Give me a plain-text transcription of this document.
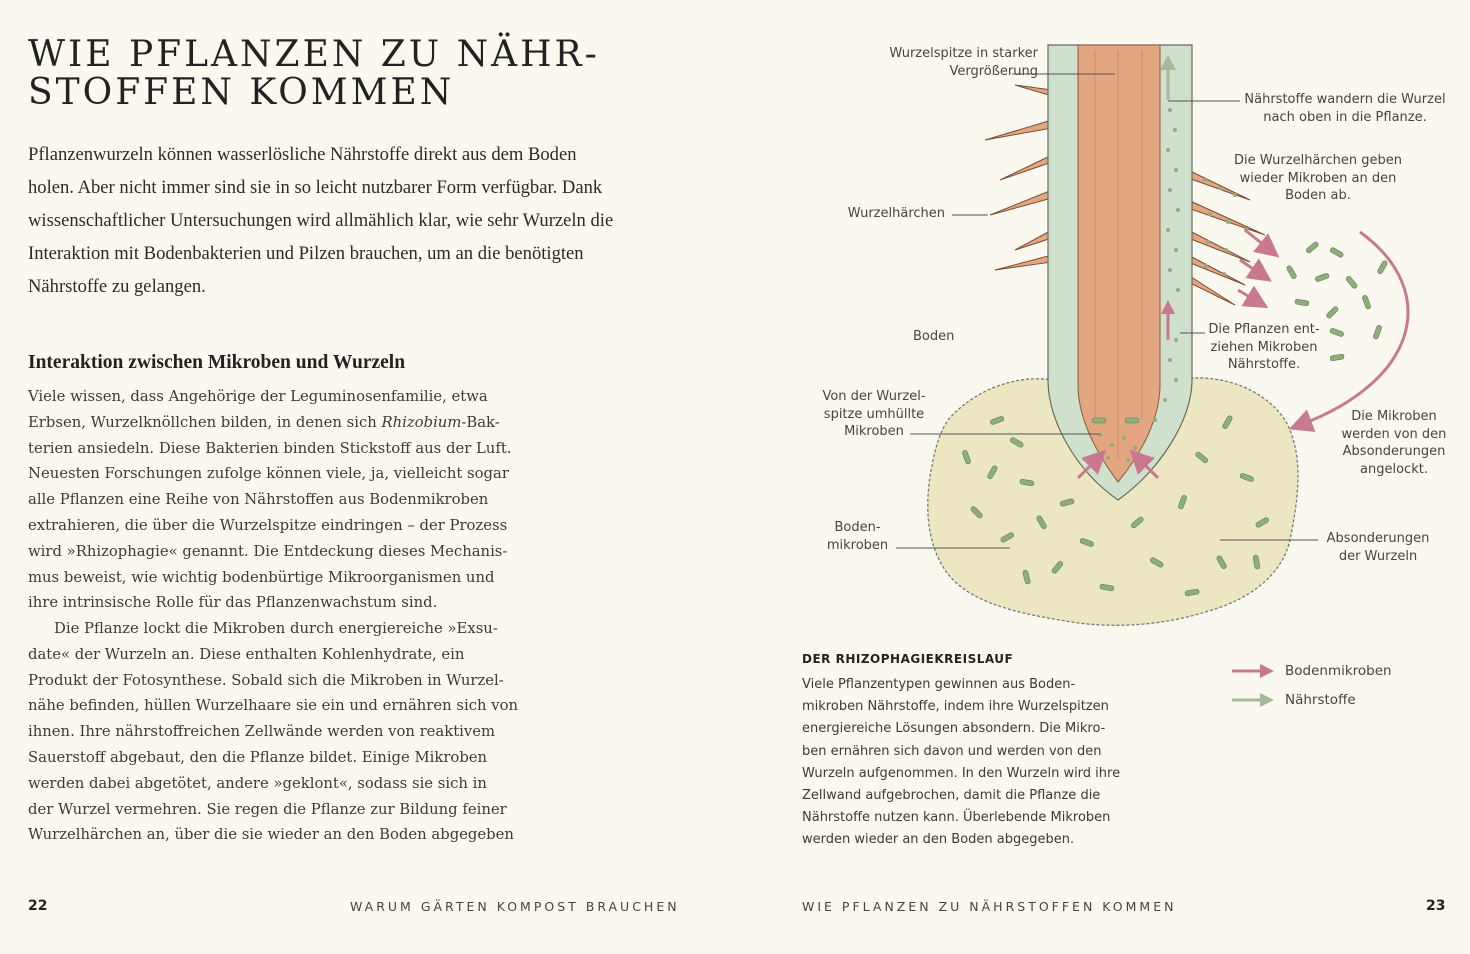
WIE PFLANZEN ZU NÄHR-
STOFFEN KOMMEN

Pflanzenwurzeln können wasserlösliche Nährstoffe direkt aus dem Boden holen. Aber nicht immer sind sie in so leicht nutzbarer Form verfügbar. Dank wissenschaftlicher Untersuchungen wird allmählich klar, wie sehr Wurzeln die Interaktion mit Bodenbakterien und Pilzen brauchen, um an die benötigten Nährstoffe zu gelangen.

Interaktion zwischen Mikroben und Wurzeln
Viele wissen, dass Angehörige der Leguminosenfamilie, etwa
Erbsen, Wurzelknöllchen bilden, in denen sich Rhizobium-Bak-
terien ansiedeln. Diese Bakterien binden Stickstoff aus der Luft.
Neuesten Forschungen zufolge können viele, ja, vielleicht sogar
alle Pflanzen eine Reihe von Nährstoffen aus Bodenmikroben
extrahieren, die über die Wurzelspitze eindringen – der Prozess
wird »Rhizophagie« genannt. Die Entdeckung dieses Mechanis-
mus beweist, wie wichtig bodenbürtige Mikroorganismen und
ihre intrinsische Rolle für das Pflanzenwachstum sind.
Die Pflanze lockt die Mikroben durch energiereiche »Exsu-
date« der Wurzeln an. Diese enthalten Kohlenhydrate, ein
Produkt der Fotosynthese. Sobald sich die Mikroben in Wurzel-
nähe befinden, hüllen Wurzelhaare sie ein und ernähren sich von
ihnen. Ihre nährstoffreichen Zellwände werden von reaktivem
Sauerstoff abgebaut, den die Pflanze bildet. Einige Mikroben
werden dabei abgetötet, andere »geklont«, sodass sie sich in
der Wurzel vermehren. Sie regen die Pflanze zur Bildung feiner
Wurzelhärchen an, über die sie wieder an den Boden abgegeben
22	WARUM GÄRTEN KOMPOST BRAUCHEN
Wurzelspitze in starker
Vergrößerung
Nährstoffe wandern die Wurzel
nach oben in die Pflanze.
Die Wurzelhärchen geben
wieder Mikroben an den
Boden ab.
Wurzelhärchen
Boden	Die Pflanzen ent-
ziehen Mikroben
Nährstoffe.
Von der Wurzel-
spitze umhüllte
Mikroben
Die Mikroben
werden von den
Absonderungen
angelockt.
Boden-
mikroben	Absonderungen
der Wurzeln
DER RHIZOPHAGIEKREISLAUF
Viele Pflanzentypen gewinnen aus Boden-
mikroben Nährstoffe, indem ihre Wurzelspitzen
energiereiche Lösungen absondern. Die Mikro-
ben ernähren sich davon und werden von den
Wurzeln aufgenommen. In den Wurzeln wird ihre
Zellwand aufgebrochen, damit die Pflanze die
Nährstoffe nutzen kann. Überlebende Mikroben
werden wieder an den Boden abgegeben.
Bodenmikroben
Nährstoffe
WIE PFLANZEN ZU NÄHRSTOFFEN KOMMEN	23
